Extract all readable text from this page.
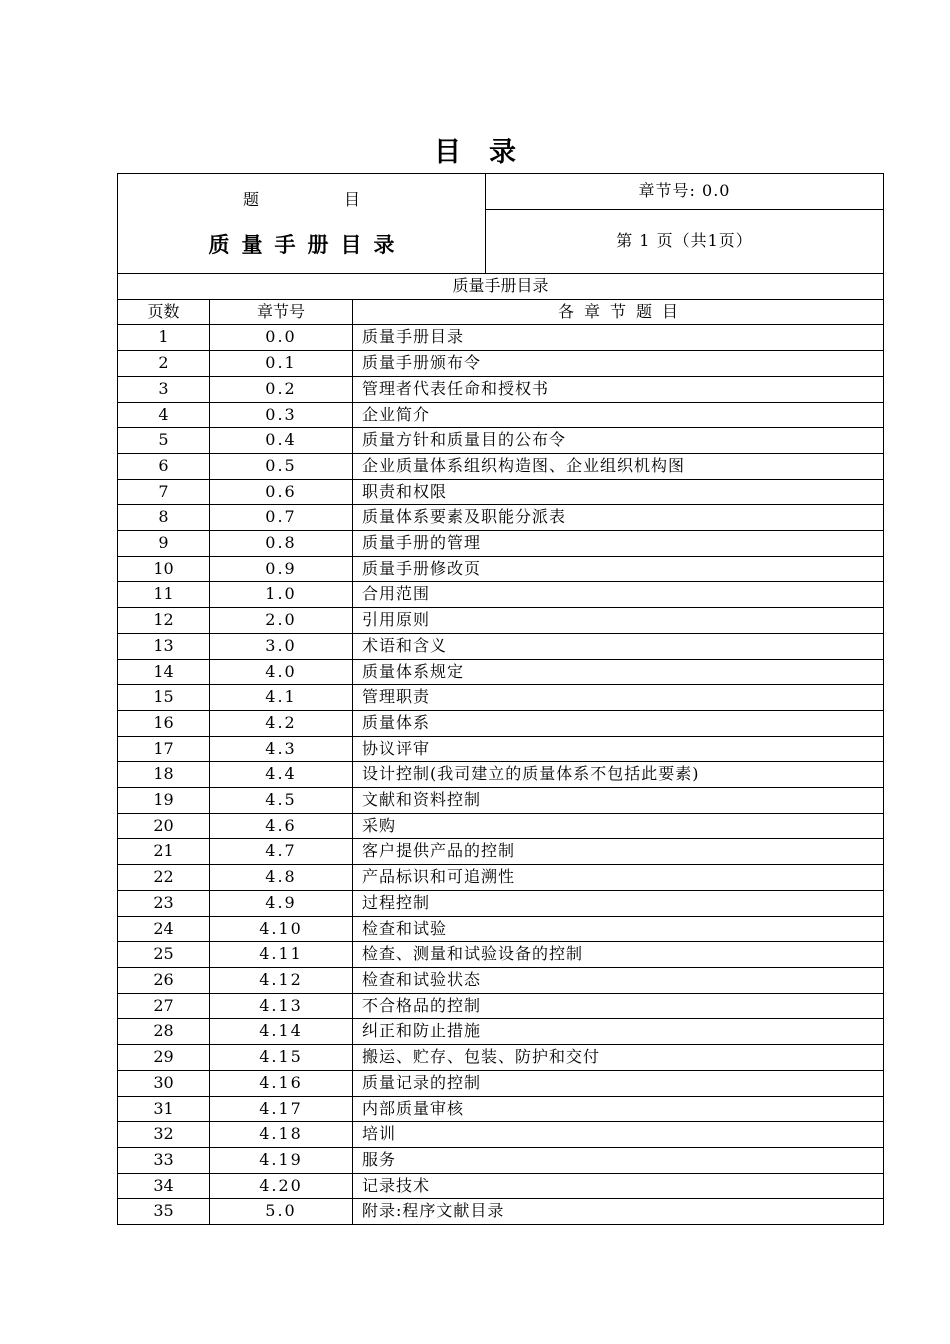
目录
题 目
质量手册目录
	章节号: 0.0
第 1 页（共1页）
质量手册目录		
页数	章节号	各章节题目
1	0.0	质量手册目录
2	0.1	质量手册颁布令
3	0.2	管理者代表任命和授权书
4	0.3	企业简介
5	0.4	质量方针和质量目的公布令
6	0.5	企业质量体系组织构造图、企业组织机构图
7	0.6	职责和权限
8	0.7	质量体系要素及职能分派表
9	0.8	质量手册的管理
10	0.9	质量手册修改页
11	1.0	合用范围
12	2.0	引用原则
13	3.0	术语和含义
14	4.0	质量体系规定
15	4.1	管理职责
16	4.2	质量体系
17	4.3	协议评审
18	4.4	设计控制(我司建立的质量体系不包括此要素)
19	4.5	文献和资料控制
20	4.6	采购
21	4.7	客户提供产品的控制
22	4.8	产品标识和可追溯性
23	4.9	过程控制
24	4.10	检查和试验
25	4.11	检查、测量和试验设备的控制
26	4.12	检查和试验状态
27	4.13	不合格品的控制
28	4.14	纠正和防止措施
29	4.15	搬运、贮存、包装、防护和交付
30	4.16	质量记录的控制
31	4.17	内部质量审核
32	4.18	培训
33	4.19	服务
34	4.20	记录技术
35	5.0	附录:程序文献目录
